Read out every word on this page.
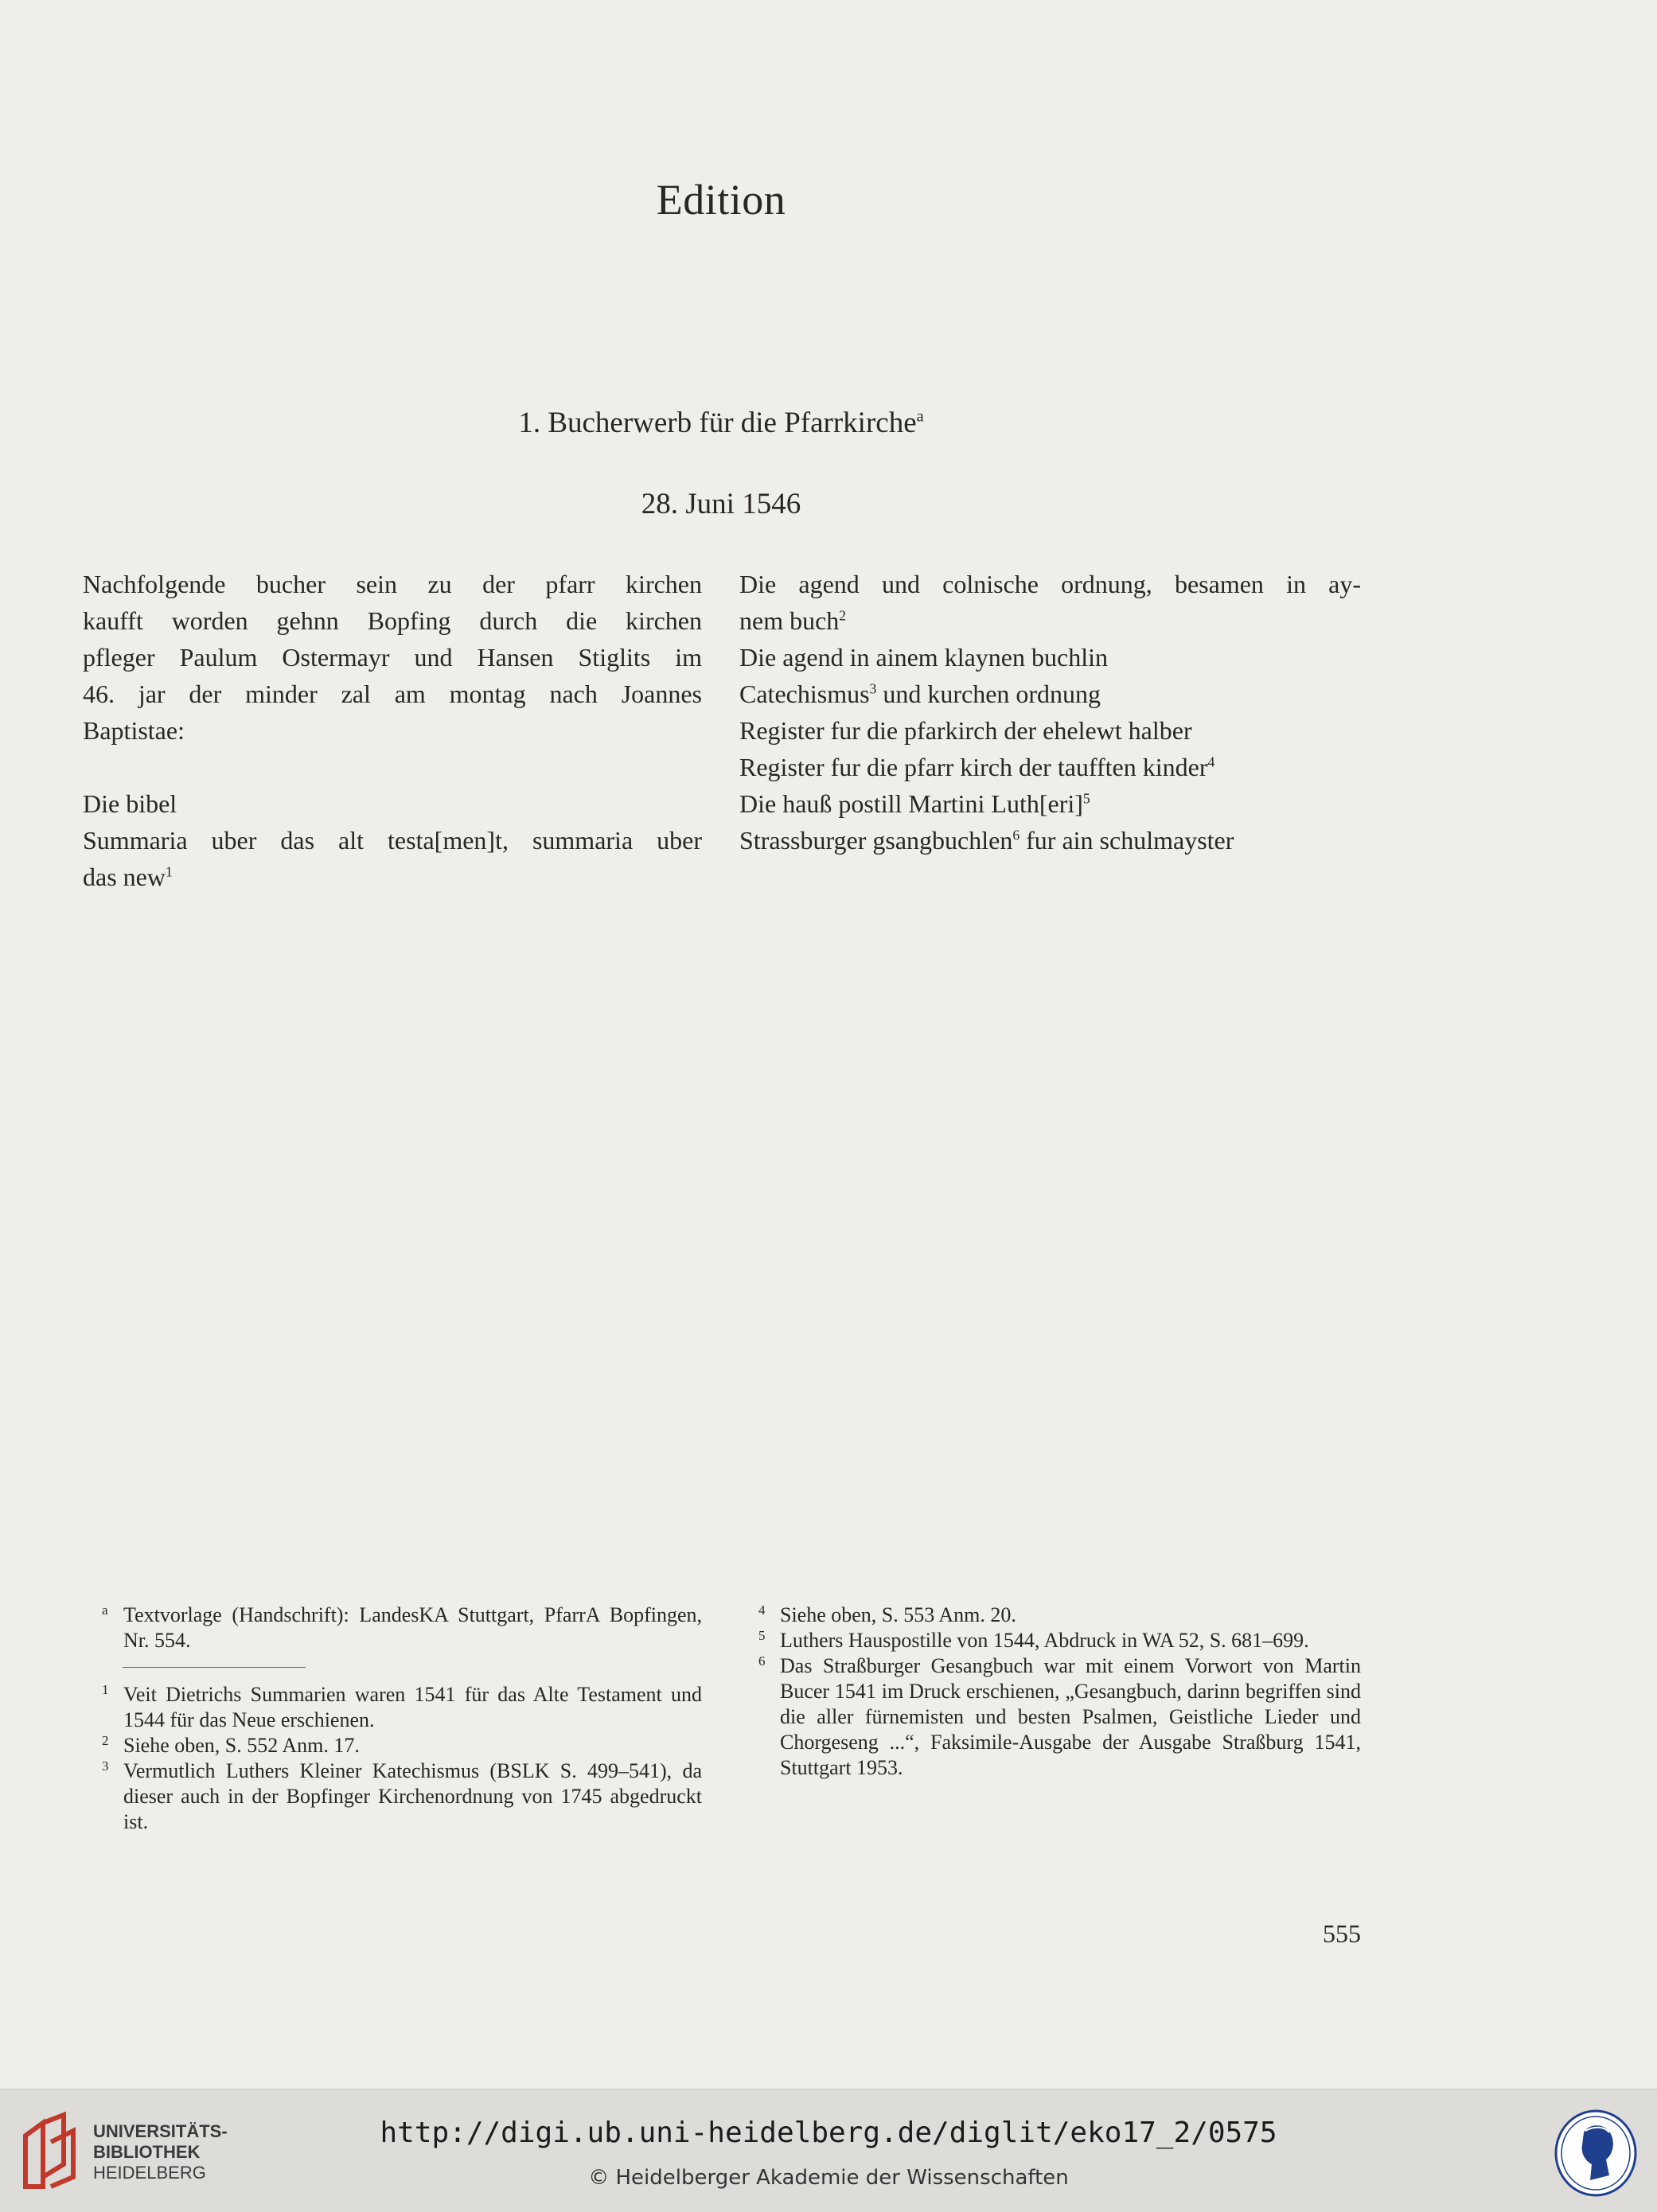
Edition
1. Bucherwerb für die Pfarrkirche$^a$
28. Juni 1546
Nachfolgende bucher sein zu der pfarr kirchen
kaufft worden gehnn Bopfing durch die kirchen
pfleger Paulum Ostermayr und Hansen Stiglits im
46. jar der minder zal am montag nach Joannes
Baptistae:
Die bibel
Summaria uber das alt testa[men]t, summaria uber
das new$^1$
Die agend und colnische ordnung, besamen in ay-
nem buch$^2$
Die agend in ainem klaynen buchlin
Catechismus$^3$ und kurchen ordnung
Register fur die pfarkirch der ehelewt halber
Register fur die pfarr kirch der taufften kinder$^4$
Die hauß postill Martini Luth[eri]$^5$
Strassburger gsangbuchlen$^6$ fur ain schulmayster
a Textvorlage (Handschrift): LandesKA Stuttgart, PfarrA Bopfingen, Nr. 554.
1 Veit Dietrichs Summarien waren 1541 für das Alte Testament und 1544 für das Neue erschienen.
2 Siehe oben, S. 552 Anm. 17.
3 Vermutlich Luthers Kleiner Katechismus (BSLK S. 499–541), da dieser auch in der Bopfinger Kirchenordnung von 1745 abgedruckt ist.
4 Siehe oben, S. 553 Anm. 20.
5 Luthers Hauspostille von 1544, Abdruck in WA 52, S. 681–699.
6 Das Straßburger Gesangbuch war mit einem Vorwort von Martin Bucer 1541 im Druck erschienen, „Gesangbuch, darinn begriffen sind die aller fürnemisten und besten Psalmen, Geistliche Lieder und Chorgeseng ...“, Faksimile-Ausgabe der Ausgabe Straßburg 1541, Stuttgart 1953.
555
UNIVERSITÄTS-
BIBLIOTHEK
HEIDELBERG
http://digi.ub.uni-heidelberg.de/diglit/eko17_2/0575
© Heidelberger Akademie der Wissenschaften
